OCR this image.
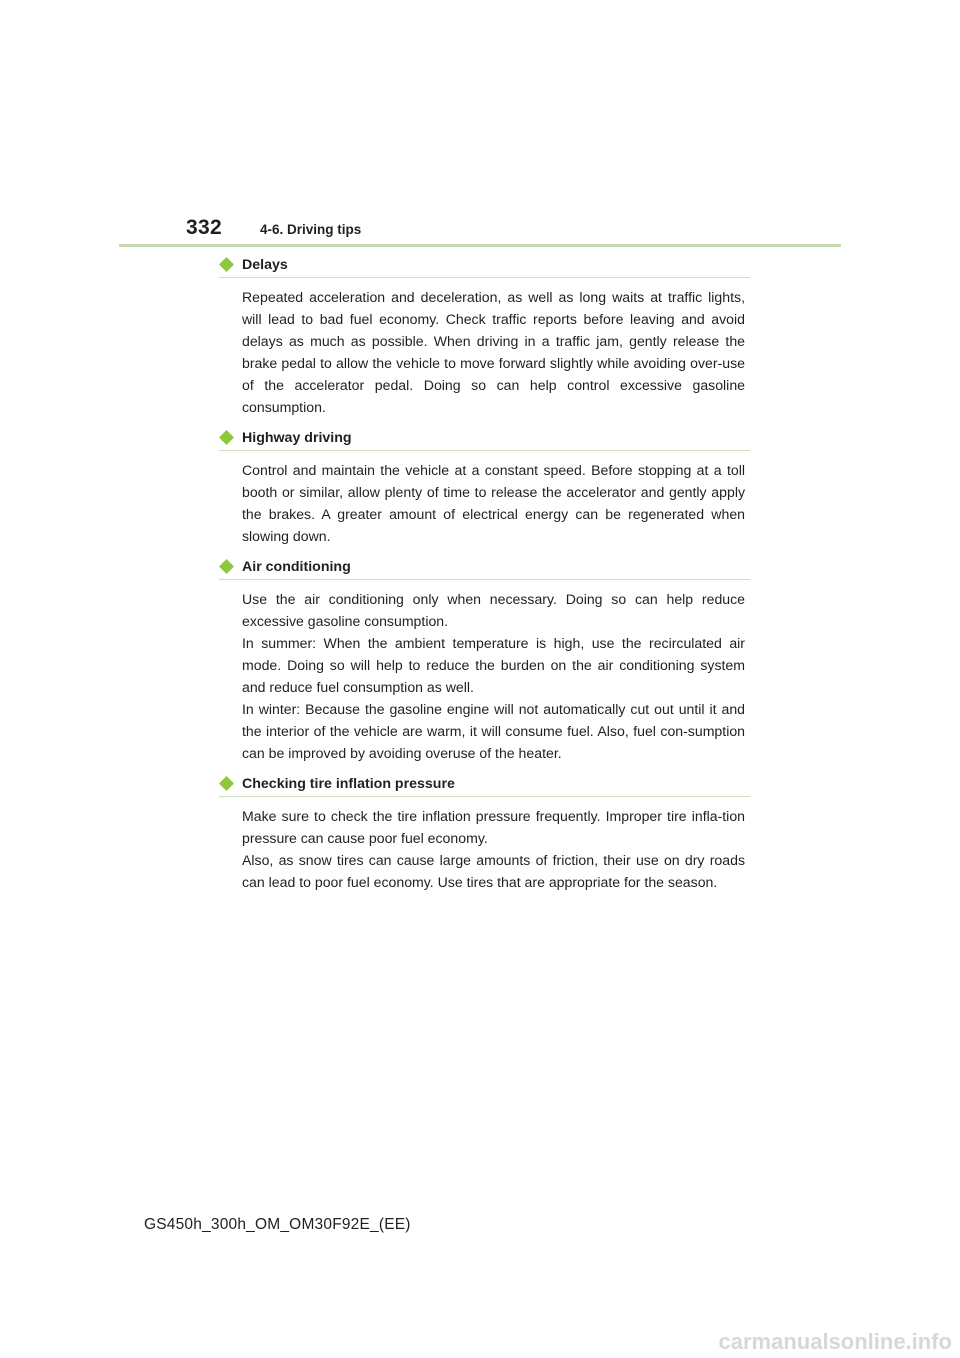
332	4-6. Driving tips
Delays

Repeated acceleration and deceleration, as well as long waits at traffic lights, will lead to bad fuel economy. Check traffic reports before leaving and avoid delays as much as possible. When driving in a traffic jam, gently release the brake pedal to allow the vehicle to move forward slightly while avoiding over-use of the accelerator pedal. Doing so can help control excessive gasoline consumption.

Highway driving

Control and maintain the vehicle at a constant speed. Before stopping at a toll booth or similar, allow plenty of time to release the accelerator and gently apply the brakes. A greater amount of electrical energy can be regenerated when slowing down.

Air conditioning

Use the air conditioning only when necessary. Doing so can help reduce excessive gasoline consumption.

In summer: When the ambient temperature is high, use the recirculated air mode. Doing so will help to reduce the burden on the air conditioning system and reduce fuel consumption as well.

In winter: Because the gasoline engine will not automatically cut out until it and the interior of the vehicle are warm, it will consume fuel. Also, fuel con-sumption can be improved by avoiding overuse of the heater.

Checking tire inflation pressure

Make sure to check the tire inflation pressure frequently. Improper tire infla-tion pressure can cause poor fuel economy.

Also, as snow tires can cause large amounts of friction, their use on dry roads can lead to poor fuel economy. Use tires that are appropriate for the season.

GS450h_300h_OM_OM30F92E_(EE)
carmanualsonline.info
